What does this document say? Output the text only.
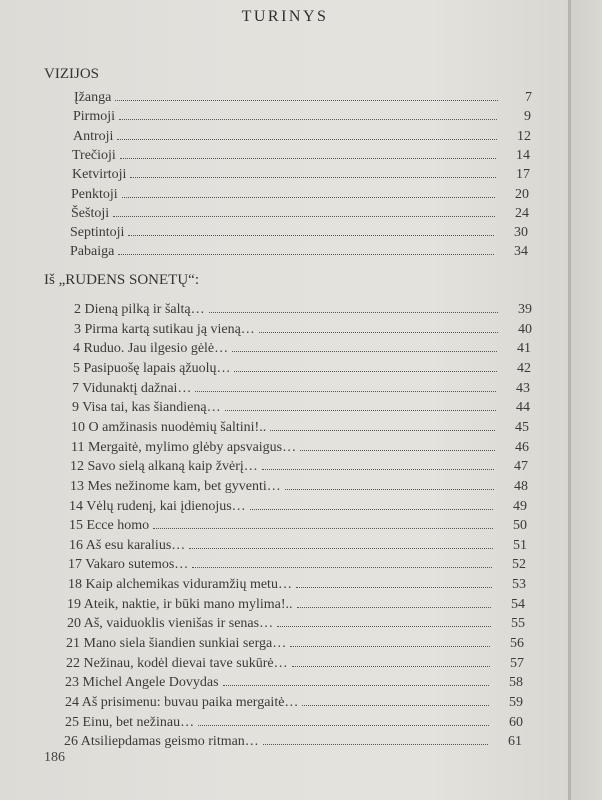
TURINYS
VIZIJOS
Įžanga	7
Pirmoji	9
Antroji	12
Trečioji	14
Ketvirtoji	17
Penktoji	20
Šeštoji	24
Septintoji	30
Pabaiga	34
Iš „RUDENS SONETŲ“:
2 Dieną pilką ir šaltą…	39
3 Pirma kartą sutikau ją vieną…	40
4 Ruduo. Jau ilgesio gėlė…	41
5 Pasipuošę lapais ąžuolų…	42
7 Vidunaktį dažnai…	43
9 Visa tai, kas šiandieną…	44
10 O amžinasis nuodėmių šaltini!..	45
11 Mergaitė, mylimo glėby apsvaigus…	46
12 Savo sielą alkaną kaip žvėrį…	47
13 Mes nežinome kam, bet gyventi…	48
14 Vėlų rudenį, kai įdienojus…	49
15 Ecce homo	50
16 Aš esu karalius…	51
17 Vakaro sutemos…	52
18 Kaip alchemikas viduramžių metu…	53
19 Ateik, naktie, ir būki mano mylima!..	54
20 Aš, vaiduoklis vienišas ir senas…	55
21 Mano siela šiandien sunkiai serga…	56
22 Nežinau, kodėl dievai tave sukūrė…	57
23 Michel Angele Dovydas	58
24 Aš prisimenu: buvau paika mergaitė…	59
25 Einu, bet nežinau…	60
26 Atsiliepdamas geismo ritman…	61
186
